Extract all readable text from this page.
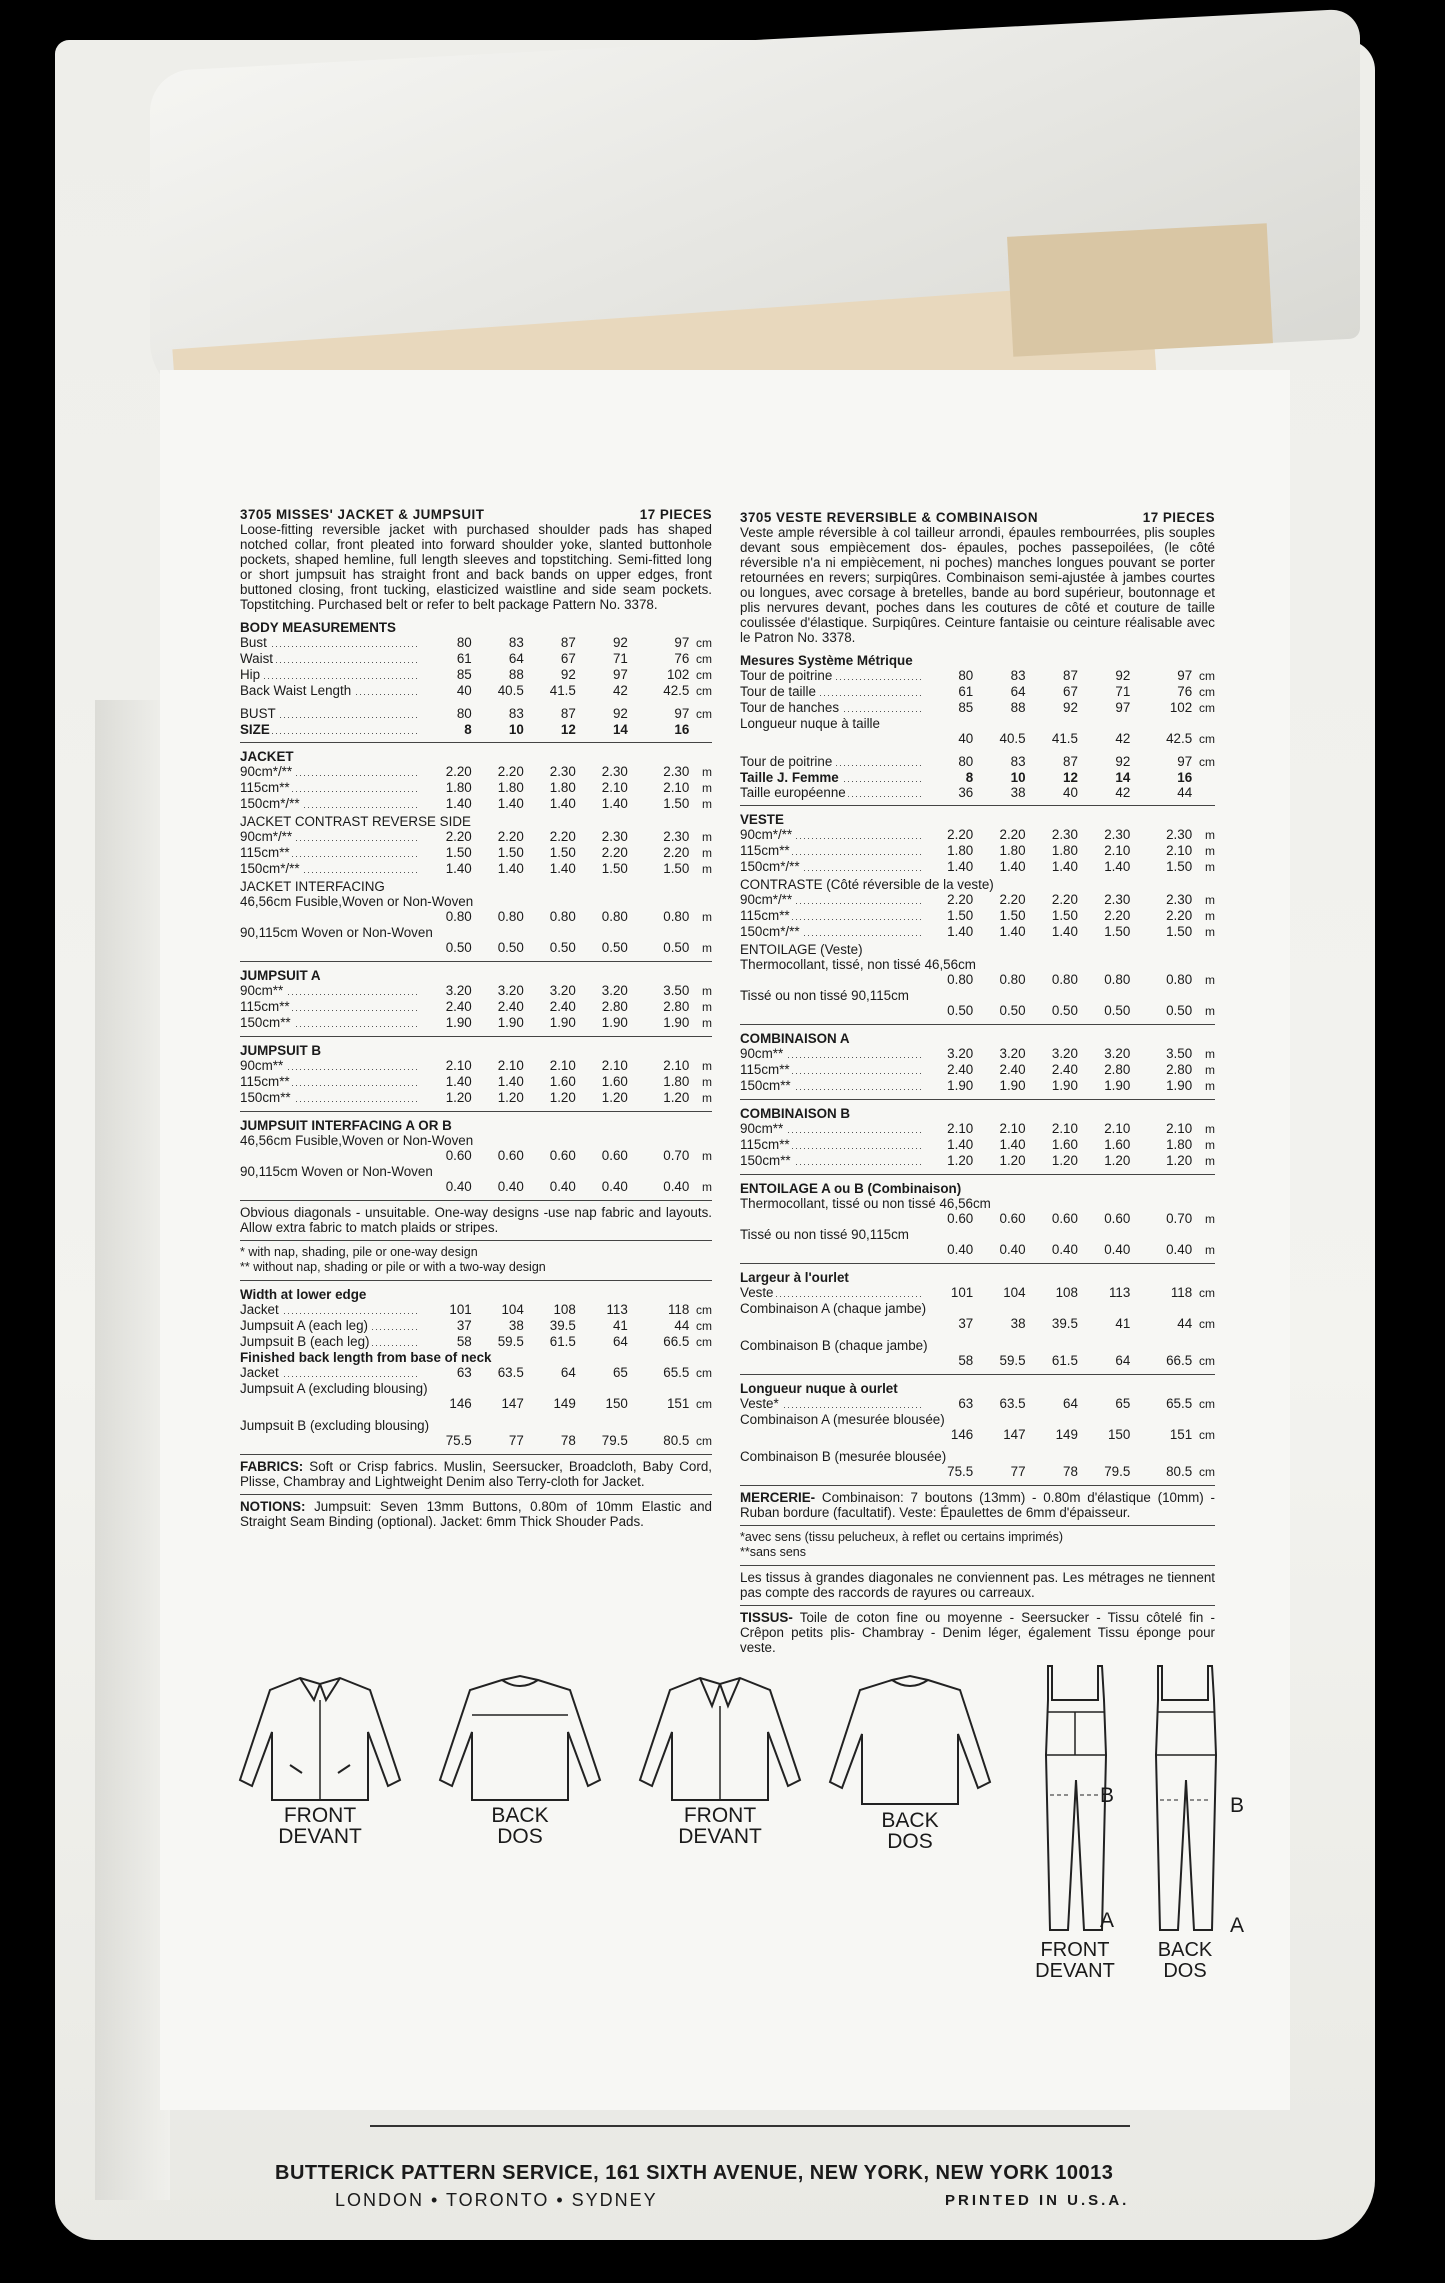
3705 MISSES' JACKET & JUMPSUIT	17 PIECES

Loose-fitting reversible jacket with purchased shoulder pads has shaped notched collar, front pleated into forward shoulder yoke, slanted buttonhole pockets, shaped hemline, full length sleeves and topstitching. Semi-fitted long or short jumpsuit has straight front and back bands on upper edges, front buttoned closing, front tucking, elasticized waistline and side seam pockets. Topstitching. Purchased belt or refer to belt package Pattern No. 3378.

BODY MEASUREMENTS

Bust	80	83	87	92	97 cm
Waist	61	64	67	71	76 cm
Hip	85	88	92	97	102 cm
Back Waist Length	40	40.5	41.5	42	42.5 cm
BUST	80	83	87	92	97 cm
SIZE	8	10	12	14	16

JACKET

90cm*/**	2.20	2.20	2.30	2.30	2.30	m
115cm**	1.80	1.80	1.80	2.10	2.10	m
150cm*/**	1.40	1.40	1.40	1.40	1.50	m

JACKET CONTRAST REVERSE SIDE

90cm*/**	2.20	2.20	2.20	2.30	2.30	m
115cm**	1.50	1.50	1.50	2.20	2.20	m
150cm*/**	1.40	1.40	1.40	1.50	1.50	m

JACKET INTERFACING

46,56cm Fusible,Woven or Non-Woven

0.80	0.80	0.80	0.80	0.80	m

90,115cm Woven or Non-Woven

0.50	0.50	0.50	0.50	0.50	m

JUMPSUIT A

90cm**	3.20	3.20	3.20	3.20	3.50	m
115cm**	2.40	2.40	2.40	2.80	2.80	m
150cm**	1.90	1.90	1.90	1.90	1.90	m

JUMPSUIT B

90cm**	2.10	2.10	2.10	2.10	2.10	m
115cm**	1.40	1.40	1.60	1.60	1.80	m
150cm**	1.20	1.20	1.20	1.20	1.20	m

JUMPSUIT INTERFACING A OR B

46,56cm Fusible,Woven or Non-Woven

0.60	0.60	0.60	0.60	0.70	m

90,115cm Woven or Non-Woven

0.40	0.40	0.40	0.40	0.40	m

Obvious diagonals - unsuitable. One-way designs -use nap fabric and layouts. Allow extra fabric to match plaids or stripes.

* with nap, shading, pile or one-way design

** without nap, shading or pile or with a two-way design

Width at lower edge

Jacket	101	104	108	113	118 cm
Jumpsuit A (each leg)	37	38	39.5	41	44 cm
Jumpsuit B (each leg)	58	59.5	61.5	64	66.5 cm

Finished back length from base of neck

Jacket	63	63.5	64	65	65.5 cm

Jumpsuit A (excluding blousing)

146	147	149	150	151 cm

Jumpsuit B (excluding blousing)

75.5	77	78	79.5	80.5 cm

FABRICS: Soft or Crisp fabrics. Muslin, Seersucker, Broadcloth, Baby Cord, Plisse, Chambray and Lightweight Denim also Terry-cloth for Jacket.

NOTIONS: Jumpsuit: Seven 13mm Buttons, 0.80m of 10mm Elastic and Straight Seam Binding (optional). Jacket: 6mm Thick Shouder Pads.

3705 VESTE REVERSIBLE & COMBINAISON	17 PIECES

Veste ample réversible à col tailleur arrondi, épaules rembourrées, plis souples devant sous empiècement dos- épaules, poches passepoilées, (le côté réversible n'a ni empiècement, ni poches) manches longues pouvant se porter retournées en revers; surpiqûres. Combinaison semi-ajustée à jambes courtes ou longues, avec corsage à bretelles, bande au bord supérieur, boutonnage et plis nervures devant, poches dans les coutures de côté et couture de taille coulissée d'élastique. Surpiqûres. Ceinture fantaisie ou ceinture réalisable avec le Patron No. 3378.

Mesures Système Métrique

Tour de poitrine	80	83	87	92	97 cm
Tour de taille	61	64	67	71	76 cm
Tour de hanches	85	88	92	97	102 cm

Longueur nuque à taille

40	40.5	41.5	42	42.5 cm
Tour de poitrine	80	83	87	92	97 cm
Taille J. Femme	8	10	12	14	16
Taille européenne	36	38	40	42	44

VESTE

90cm*/**	2.20	2.20	2.30	2.30	2.30	m
115cm**	1.80	1.80	1.80	2.10	2.10	m
150cm*/**	1.40	1.40	1.40	1.40	1.50	m

CONTRASTE (Côté réversible de la veste)

90cm*/**	2.20	2.20	2.20	2.30	2.30	m
115cm**	1.50	1.50	1.50	2.20	2.20	m
150cm*/**	1.40	1.40	1.40	1.50	1.50	m

ENTOILAGE (Veste)

Thermocollant, tissé, non tissé 46,56cm

0.80	0.80	0.80	0.80	0.80	m

Tissé ou non tissé 90,115cm

0.50	0.50	0.50	0.50	0.50	m

COMBINAISON A

90cm**	3.20	3.20	3.20	3.20	3.50	m
115cm**	2.40	2.40	2.40	2.80	2.80	m
150cm**	1.90	1.90	1.90	1.90	1.90	m

COMBINAISON B

90cm**	2.10	2.10	2.10	2.10	2.10	m
115cm**	1.40	1.40	1.60	1.60	1.80	m
150cm**	1.20	1.20	1.20	1.20	1.20	m

ENTOILAGE A ou B (Combinaison)

Thermocollant, tissé ou non tissé 46,56cm

0.60	0.60	0.60	0.60	0.70	m

Tissé ou non tissé 90,115cm

0.40	0.40	0.40	0.40	0.40	m

Largeur à l'ourlet

Veste	101	104	108	113	118 cm

Combinaison A (chaque jambe)

37	38	39.5	41	44 cm

Combinaison B (chaque jambe)

58	59.5	61.5	64	66.5 cm

Longueur nuque à ourlet

Veste*	63	63.5	64	65	65.5 cm

Combinaison A (mesurée blousée)

146	147	149	150	151 cm

Combinaison B (mesurée blousée)

75.5	77	78	79.5	80.5 cm

MERCERIE- Combinaison: 7 boutons (13mm) - 0.80m d'élastique (10mm) - Ruban bordure (facultatif). Veste: Épaulettes de 6mm d'épaisseur.

*avec sens (tissu pelucheux, à reflet ou certains imprimés)

**sans sens

Les tissus à grandes diagonales ne conviennent pas. Les métrages ne tiennent pas compte des raccords de rayures ou carreaux.

TISSUS- Toile de coton fine ou moyenne - Seersucker - Tissu côtelé fin - Crêpon petits plis- Chambray - Denim léger, également Tissu éponge pour veste.

FRONT
DEVANT
BACK
DOS
FRONT
DEVANT
BACK
DOS
FRONT
DEVANT
B
A
BACK
DOS
B
A
BUTTERICK PATTERN SERVICE, 161 SIXTH AVENUE, NEW YORK, NEW YORK 10013
LONDON • TORONTO • SYDNEY	PRINTED IN U.S.A.
